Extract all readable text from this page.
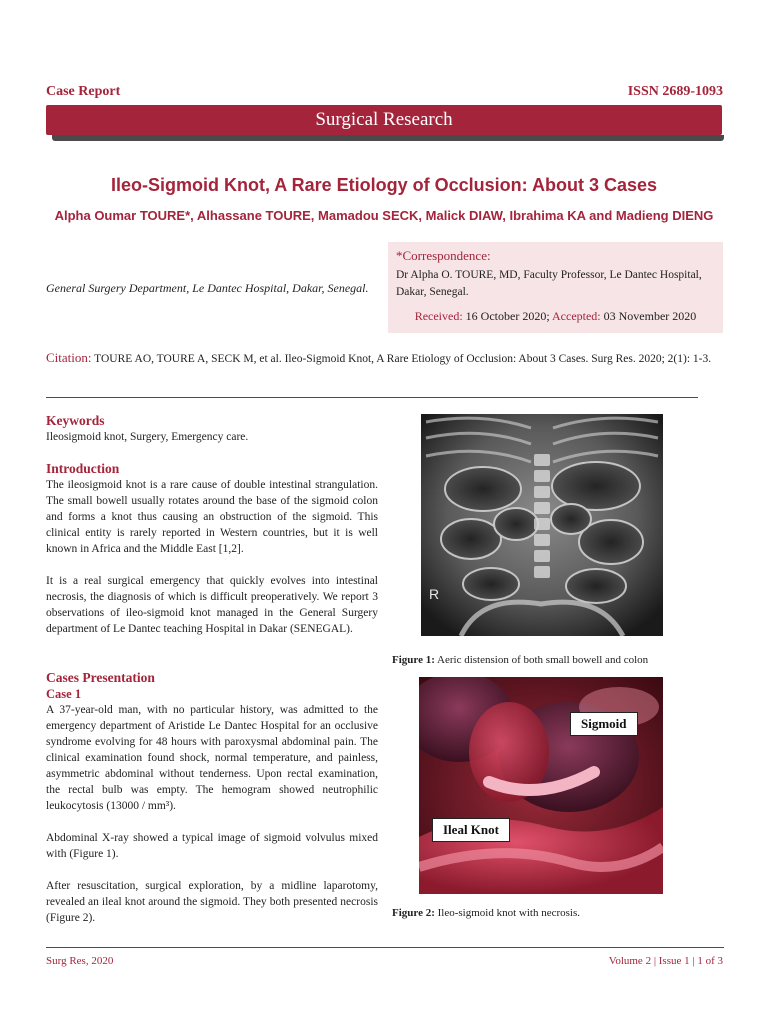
Case Report	ISSN 2689-1093
Surgical Research
Ileo-Sigmoid Knot, A Rare Etiology of Occlusion: About 3 Cases
Alpha Oumar TOURE*, Alhassane TOURE, Mamadou SECK, Malick DIAW, Ibrahima KA and Madieng DIENG
General Surgery Department, Le Dantec Hospital, Dakar, Senegal.
*Correspondence:
Dr Alpha O. TOURE, MD, Faculty Professor, Le Dantec Hospital, Dakar, Senegal.
Received: 16 October 2020; Accepted: 03 November 2020
Citation: TOURE AO, TOURE A, SECK M, et al. Ileo-Sigmoid Knot, A Rare Etiology of Occlusion: About 3 Cases. Surg Res. 2020; 2(1): 1-3.
Keywords

Ileosigmoid knot, Surgery, Emergency care.

Introduction

The ileosigmoid knot is a rare cause of double intestinal strangulation. The small bowell usually rotates around the base of the sigmoid colon and forms a knot thus causing an obstruction of the sigmoid. This clinical entity is rarely reported in Western countries, but it is well known in Africa and the Middle East [1,2].

It is a real surgical emergency that quickly evolves into intestinal necrosis, the diagnosis of which is difficult preoperatively. We report 3 observations of ileo-sigmoid knot managed in the General Surgery department of Le Dantec teaching Hospital in Dakar (SENEGAL).

Cases Presentation
Case 1

A 37-year-old man, with no particular history, was admitted to the emergency department of Aristide Le Dantec Hospital for an occlusive syndrome evolving for 48 hours with paroxysmal abdominal pain. The clinical examination found shock, normal temperature, and painless, asymmetric abdominal without tenderness. Upon rectal examination, the rectal bulb was empty. The hemogram showed neutrophilic leukocytosis (13000 / mm³).

Abdominal X-ray showed a typical image of sigmoid volvulus mixed with (Figure 1).

After resuscitation, surgical exploration, by a midline laparotomy, revealed an ileal knot around the sigmoid. They both presented necrosis (Figure 2).

R
Figure 1: Aeric distension of both small bowell and colon
Sigmoid
Ileal Knot
Figure 2: Ileo-sigmoid knot with necrosis.
Surg Res, 2020	Volume 2 | Issue 1 | 1 of 3
